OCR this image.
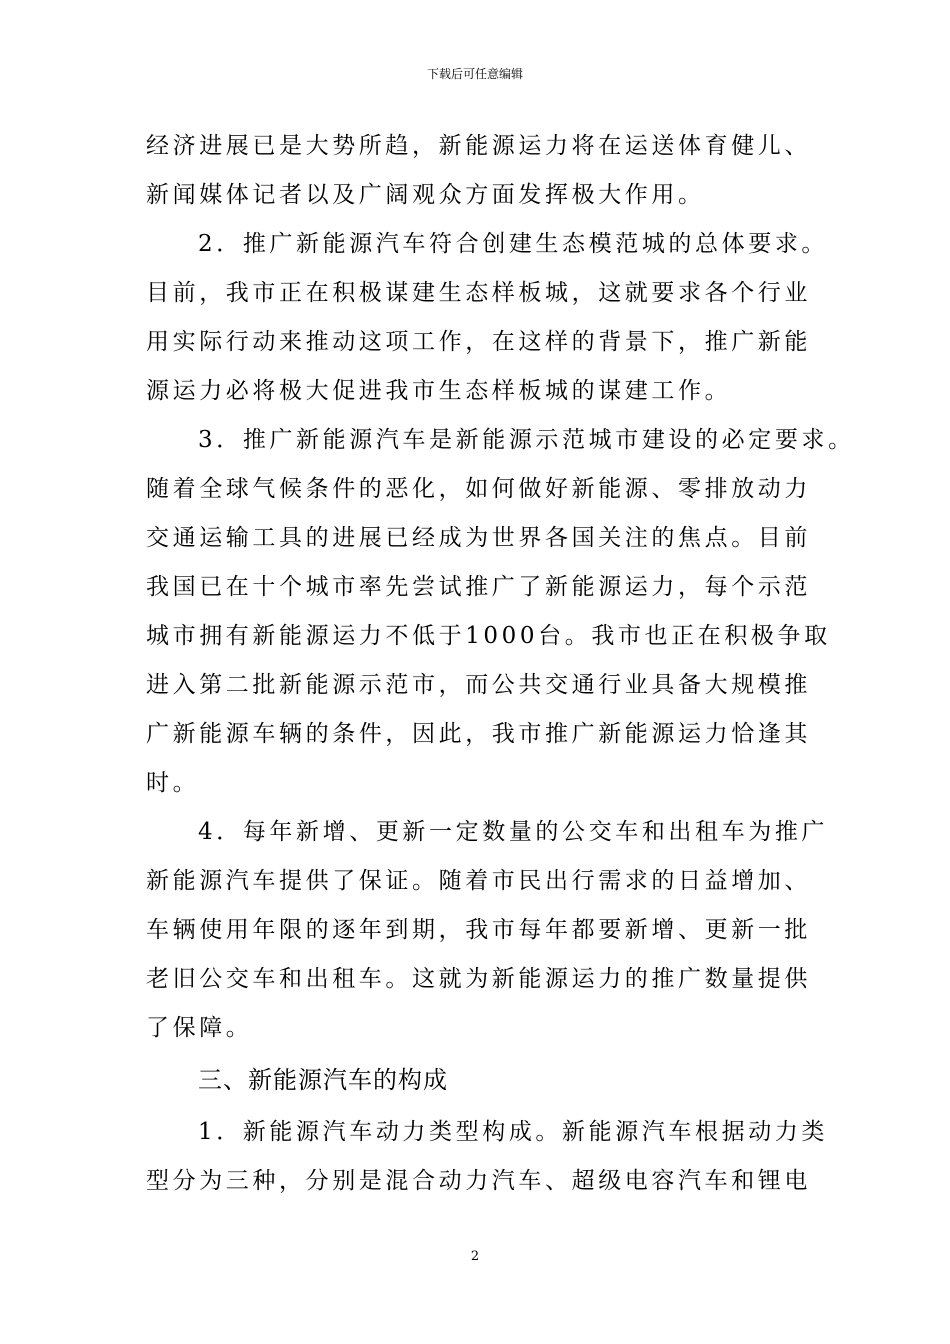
下载后可任意编辑
经济进展已是大势所趋，新能源运力将在运送体育健儿、
新闻媒体记者以及广阔观众方面发挥极大作用。
2．推广新能源汽车符合创建生态模范城的总体要求。
目前，我市正在积极谋建生态样板城，这就要求各个行业
用实际行动来推动这项工作，在这样的背景下，推广新能
源运力必将极大促进我市生态样板城的谋建工作。
3．推广新能源汽车是新能源示范城市建设的必定要求。
随着全球气候条件的恶化，如何做好新能源、零排放动力
交通运输工具的进展已经成为世界各国关注的焦点。目前
我国已在十个城市率先尝试推广了新能源运力，每个示范
城市拥有新能源运力不低于1000台。我市也正在积极争取
进入第二批新能源示范市，而公共交通行业具备大规模推
广新能源车辆的条件，因此，我市推广新能源运力恰逢其
时。
4．每年新增、更新一定数量的公交车和出租车为推广
新能源汽车提供了保证。随着市民出行需求的日益增加、
车辆使用年限的逐年到期，我市每年都要新增、更新一批
老旧公交车和出租车。这就为新能源运力的推广数量提供
了保障。
三、新能源汽车的构成
1．新能源汽车动力类型构成。新能源汽车根据动力类
型分为三种，分别是混合动力汽车、超级电容汽车和锂电
2
